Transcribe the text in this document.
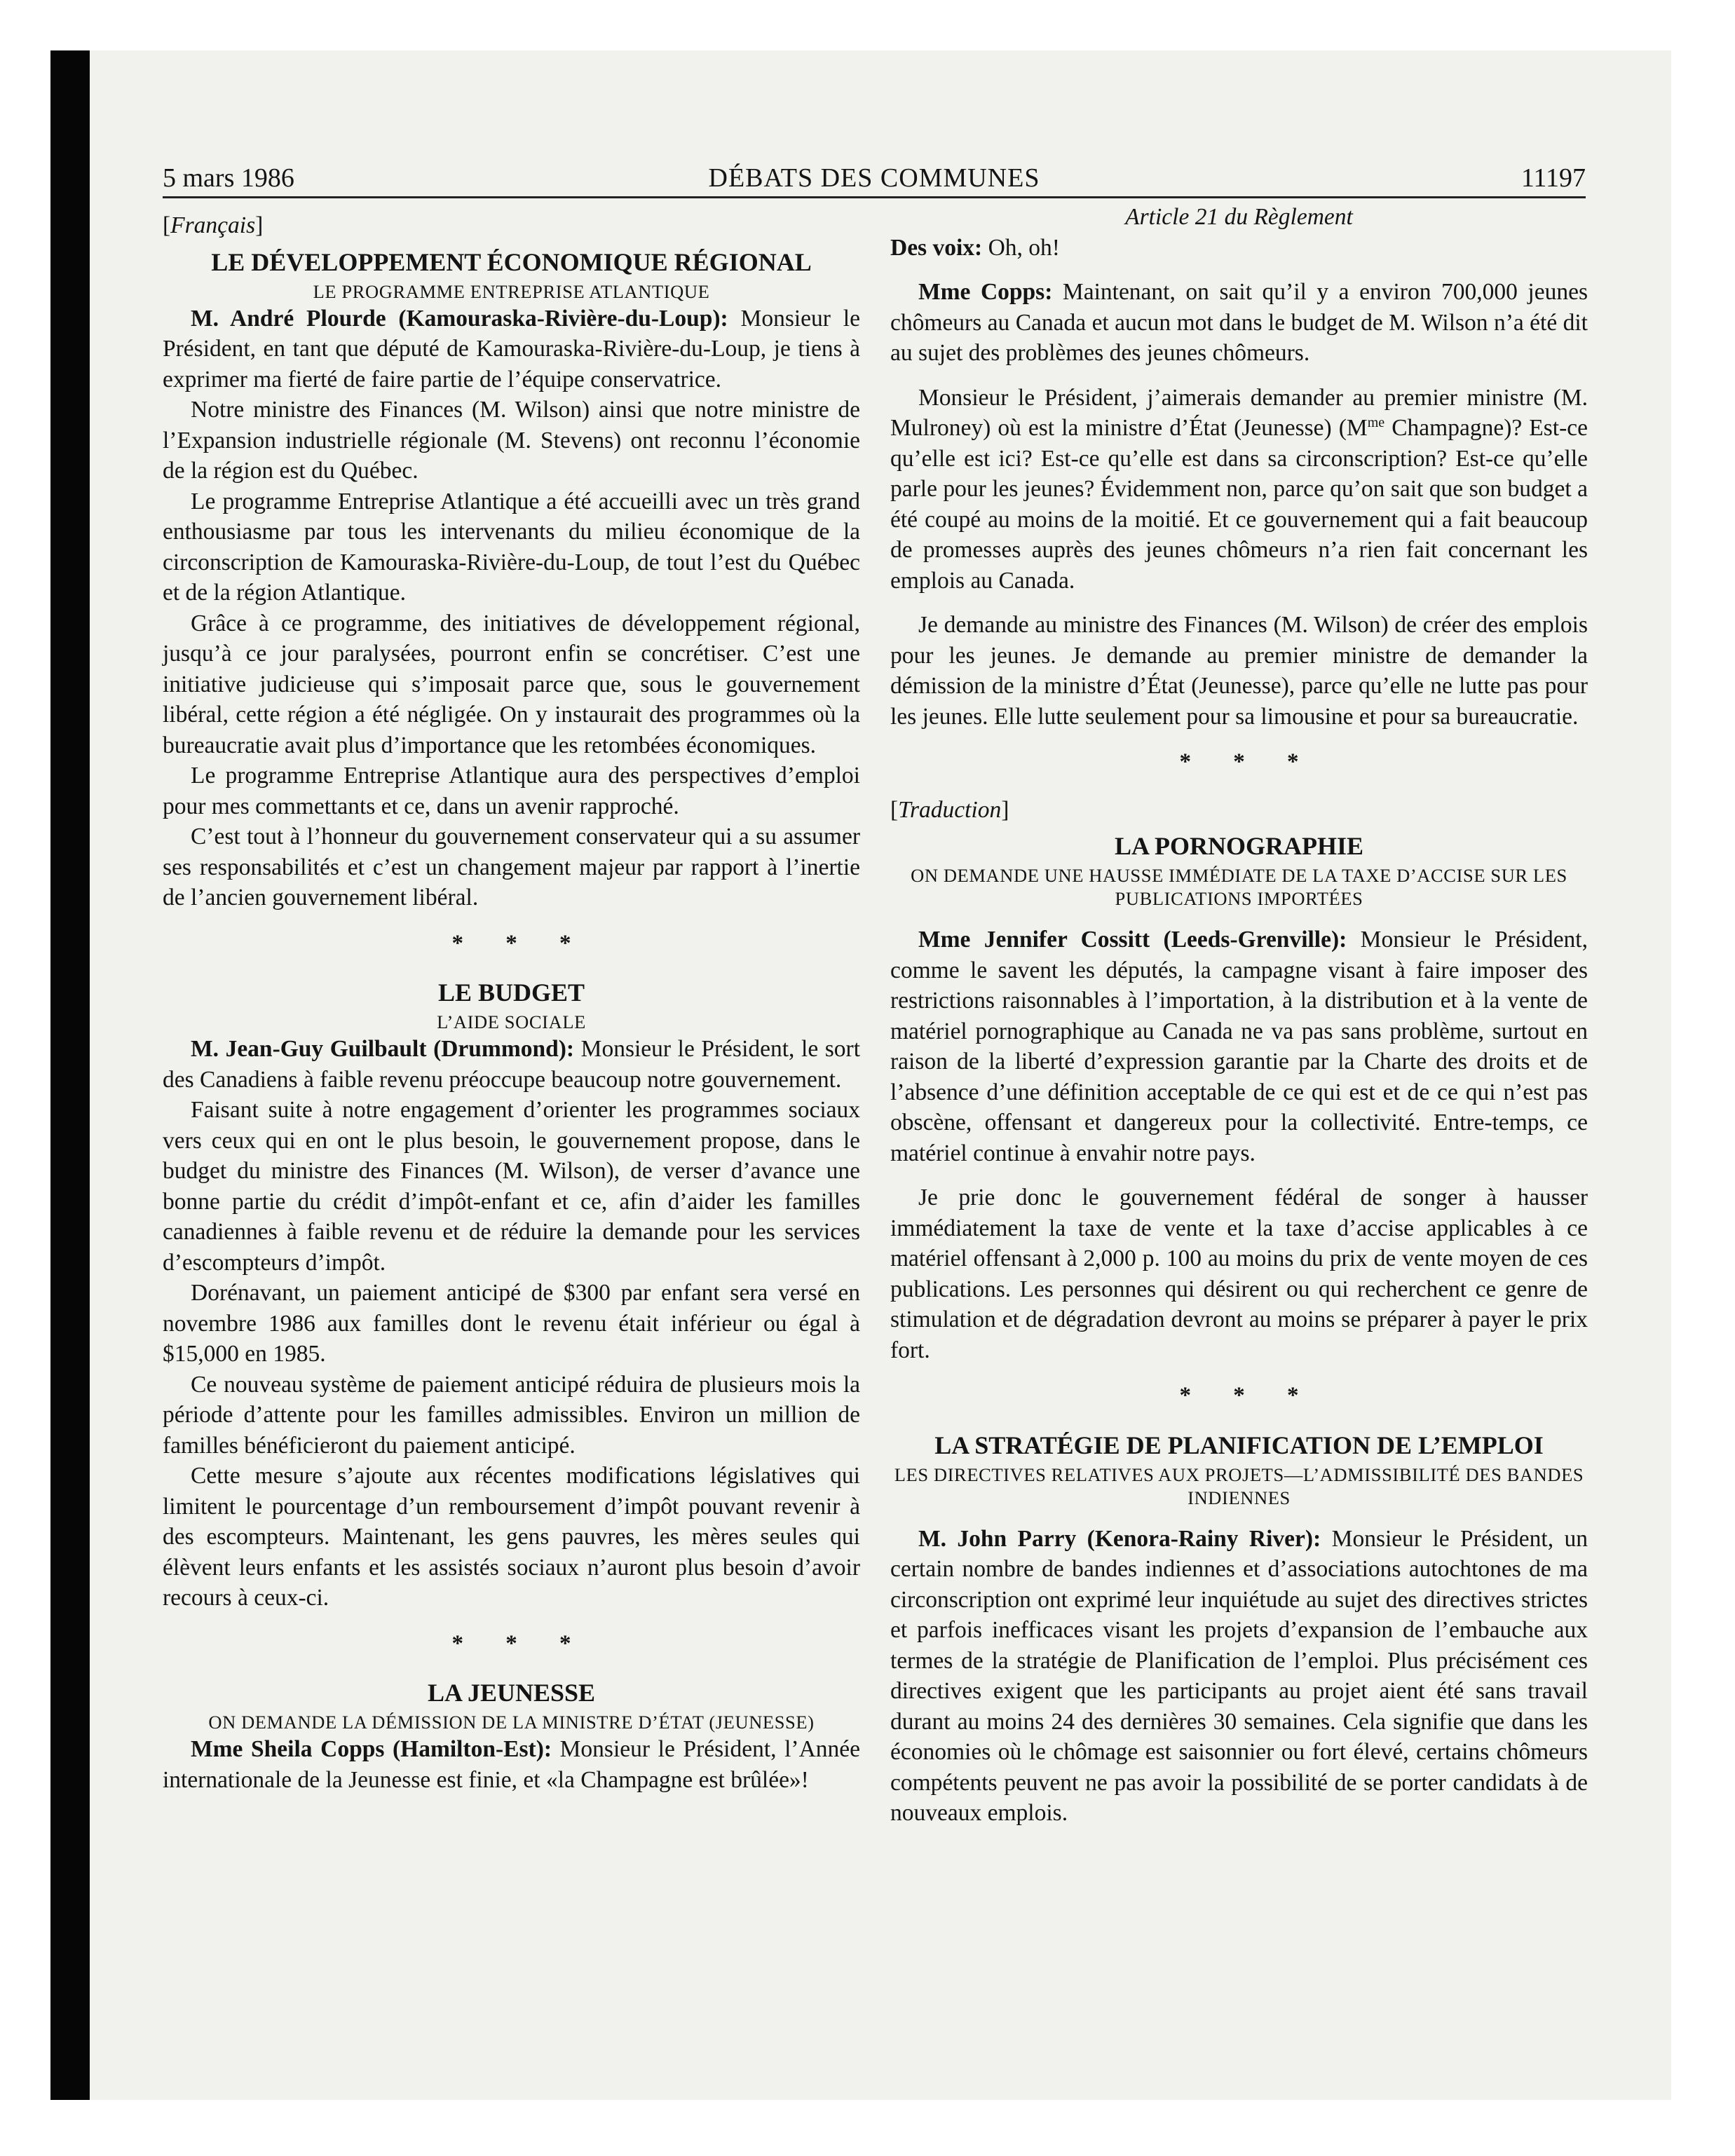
5 mars 1986	DÉBATS DES COMMUNES	11197

[Français]

LE DÉVELOPPEMENT ÉCONOMIQUE RÉGIONAL
LE PROGRAMME ENTREPRISE ATLANTIQUE

M. André Plourde (Kamouraska-Rivière-du-Loup): Monsieur le Président, en tant que député de Kamouraska-Rivière-du-Loup, je tiens à exprimer ma fierté de faire partie de l’équipe conservatrice.

Notre ministre des Finances (M. Wilson) ainsi que notre ministre de l’Expansion industrielle régionale (M. Stevens) ont reconnu l’économie de la région est du Québec.

Le programme Entreprise Atlantique a été accueilli avec un très grand enthousiasme par tous les intervenants du milieu économique de la circonscription de Kamouraska-Rivière-du-Loup, de tout l’est du Québec et de la région Atlantique.

Grâce à ce programme, des initiatives de développement régional, jusqu’à ce jour paralysées, pourront enfin se concrétiser. C’est une initiative judicieuse qui s’imposait parce que, sous le gouvernement libéral, cette région a été négligée. On y instaurait des programmes où la bureaucratie avait plus d’importance que les retombées économiques.

Le programme Entreprise Atlantique aura des perspectives d’emploi pour mes commettants et ce, dans un avenir rapproché.

C’est tout à l’honneur du gouvernement conservateur qui a su assumer ses responsabilités et c’est un changement majeur par rapport à l’inertie de l’ancien gouvernement libéral.

* * *
LE BUDGET
L’AIDE SOCIALE

M. Jean-Guy Guilbault (Drummond): Monsieur le Président, le sort des Canadiens à faible revenu préoccupe beaucoup notre gouvernement.

Faisant suite à notre engagement d’orienter les programmes sociaux vers ceux qui en ont le plus besoin, le gouvernement propose, dans le budget du ministre des Finances (M. Wilson), de verser d’avance une bonne partie du crédit d’impôt-enfant et ce, afin d’aider les familles canadiennes à faible revenu et de réduire la demande pour les services d’escompteurs d’impôt.

Dorénavant, un paiement anticipé de $300 par enfant sera versé en novembre 1986 aux familles dont le revenu était inférieur ou égal à $15,000 en 1985.

Ce nouveau système de paiement anticipé réduira de plusieurs mois la période d’attente pour les familles admissibles. Environ un million de familles bénéficieront du paiement anticipé.

Cette mesure s’ajoute aux récentes modifications législatives qui limitent le pourcentage d’un remboursement d’impôt pouvant revenir à des escompteurs. Maintenant, les gens pauvres, les mères seules qui élèvent leurs enfants et les assistés sociaux n’auront plus besoin d’avoir recours à ceux-ci.

* * *
LA JEUNESSE
ON DEMANDE LA DÉMISSION DE LA MINISTRE D’ÉTAT (JEUNESSE)

Mme Sheila Copps (Hamilton-Est): Monsieur le Président, l’Année internationale de la Jeunesse est finie, et «la Champagne est brûlée»!

Article 21 du Règlement

Des voix: Oh, oh!

Mme Copps: Maintenant, on sait qu’il y a environ 700,000 jeunes chômeurs au Canada et aucun mot dans le budget de M. Wilson n’a été dit au sujet des problèmes des jeunes chômeurs.

Monsieur le Président, j’aimerais demander au premier ministre (M. Mulroney) où est la ministre d’État (Jeunesse) ($M^{me}$ Champagne)? Est-ce qu’elle est ici? Est-ce qu’elle est dans sa circonscription? Est-ce qu’elle parle pour les jeunes? Évidemment non, parce qu’on sait que son budget a été coupé au moins de la moitié. Et ce gouvernement qui a fait beaucoup de promesses auprès des jeunes chômeurs n’a rien fait concernant les emplois au Canada.

Je demande au ministre des Finances (M. Wilson) de créer des emplois pour les jeunes. Je demande au premier ministre de demander la démission de la ministre d’État (Jeunesse), parce qu’elle ne lutte pas pour les jeunes. Elle lutte seulement pour sa limousine et pour sa bureaucratie.

* * *

[Traduction]

LA PORNOGRAPHIE
ON DEMANDE UNE HAUSSE IMMÉDIATE DE LA TAXE D’ACCISE SUR LES PUBLICATIONS IMPORTÉES

Mme Jennifer Cossitt (Leeds-Grenville): Monsieur le Président, comme le savent les députés, la campagne visant à faire imposer des restrictions raisonnables à l’importation, à la distribution et à la vente de matériel pornographique au Canada ne va pas sans problème, surtout en raison de la liberté d’expression garantie par la Charte des droits et de l’absence d’une définition acceptable de ce qui est et de ce qui n’est pas obscène, offensant et dangereux pour la collectivité. Entre-temps, ce matériel continue à envahir notre pays.

Je prie donc le gouvernement fédéral de songer à hausser immédiatement la taxe de vente et la taxe d’accise applicables à ce matériel offensant à 2,000 p. 100 au moins du prix de vente moyen de ces publications. Les personnes qui désirent ou qui recherchent ce genre de stimulation et de dégradation devront au moins se préparer à payer le prix fort.

* * *
LA STRATÉGIE DE PLANIFICATION DE L’EMPLOI
LES DIRECTIVES RELATIVES AUX PROJETS—L’ADMISSIBILITÉ DES BANDES INDIENNES

M. John Parry (Kenora-Rainy River): Monsieur le Président, un certain nombre de bandes indiennes et d’associations autochtones de ma circonscription ont exprimé leur inquiétude au sujet des directives strictes et parfois inefficaces visant les projets d’expansion de l’embauche aux termes de la stratégie de Planification de l’emploi. Plus précisément ces directives exigent que les participants au projet aient été sans travail durant au moins 24 des dernières 30 semaines. Cela signifie que dans les économies où le chômage est saisonnier ou fort élevé, certains chômeurs compétents peuvent ne pas avoir la possibilité de se porter candidats à de nouveaux emplois.
